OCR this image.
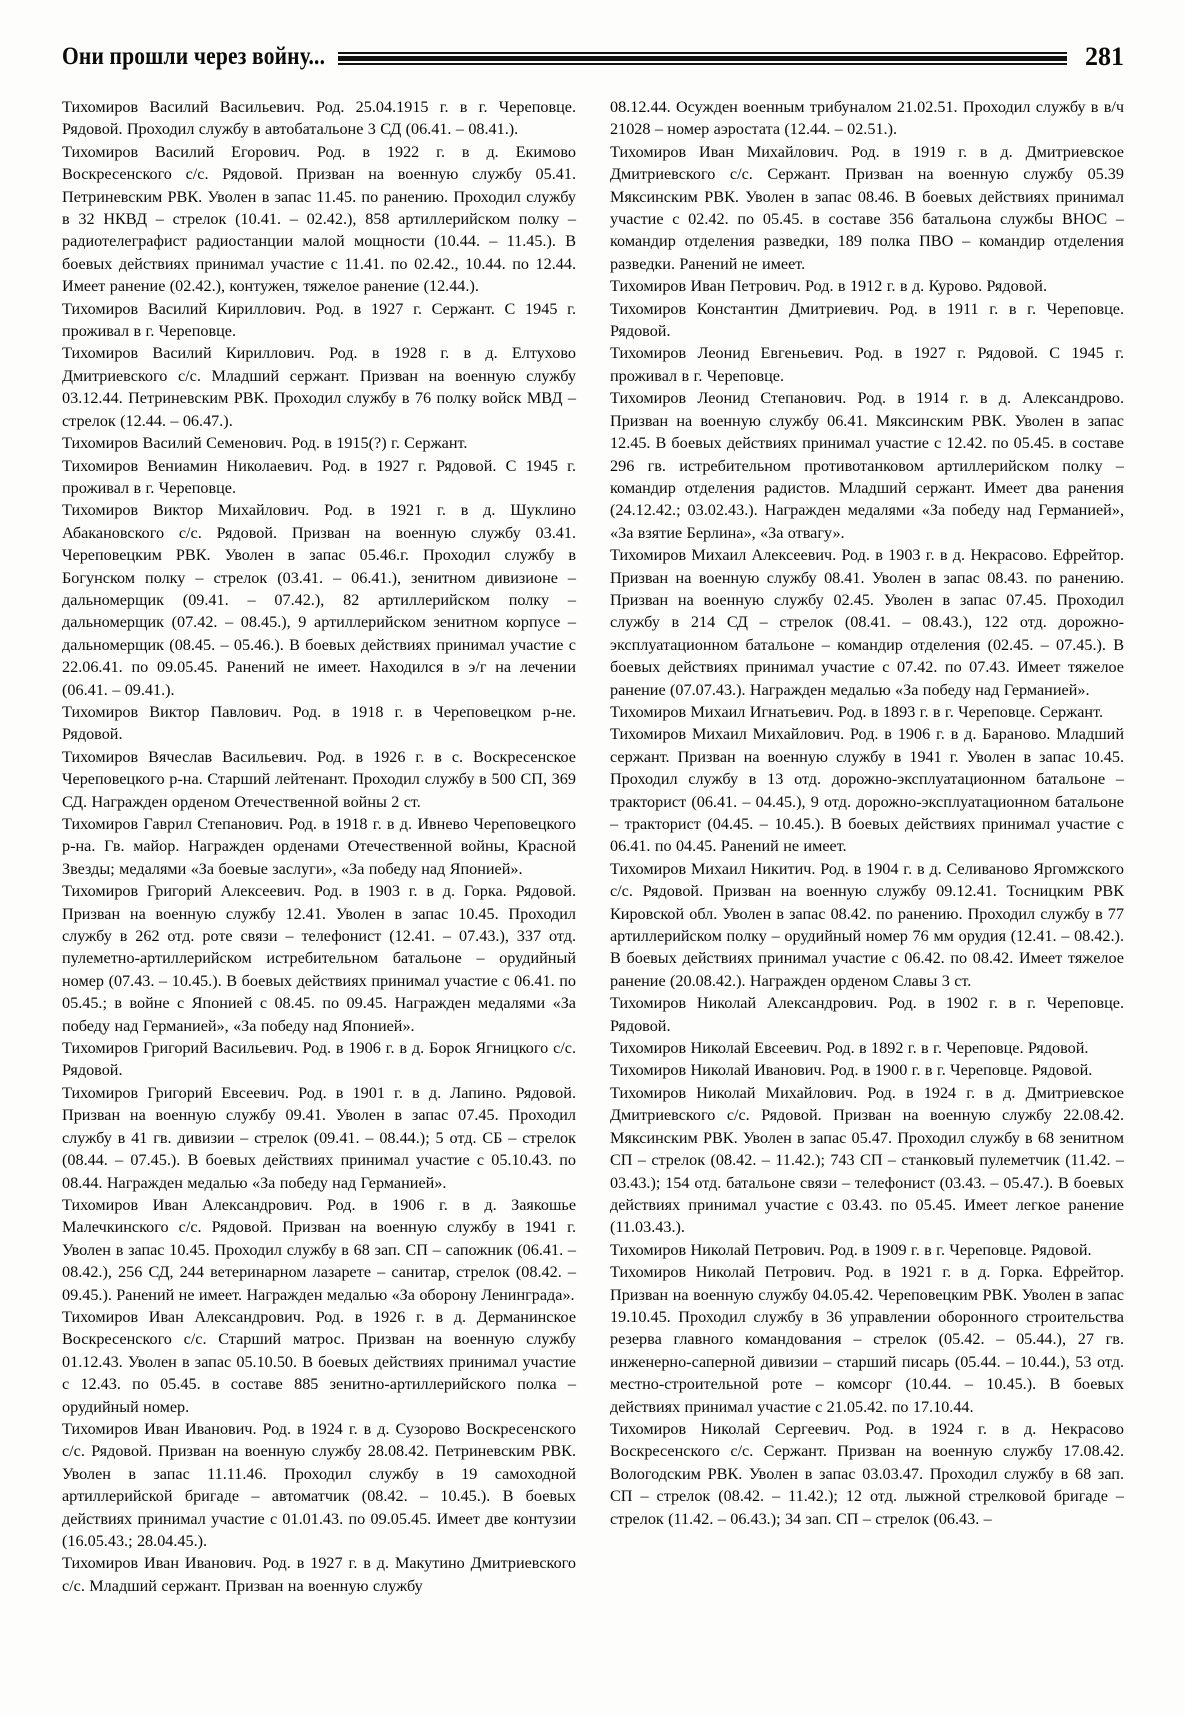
Они прошли через войну...	281

Тихомиров Василий Васильевич. Род. 25.04.1915 г. в г. Череповце. Рядовой. Проходил службу в автобатальоне 3 СД (06.41. – 08.41.).

Тихомиров Василий Егорович. Род. в 1922 г. в д. Екимово Воскресенского с/с. Рядовой. Призван на военную службу 05.41. Петриневским РВК. Уволен в запас 11.45. по ранению. Проходил службу в 32 НКВД – стрелок (10.41. – 02.42.), 858 артиллерийском полку – радиотелеграфист радиостанции малой мощности (10.44. – 11.45.). В боевых действиях принимал участие с 11.41. по 02.42., 10.44. по 12.44. Имеет ранение (02.42.), контужен, тяжелое ранение (12.44.).

Тихомиров Василий Кириллович. Род. в 1927 г. Сержант. С 1945 г. проживал в г. Череповце.

Тихомиров Василий Кириллович. Род. в 1928 г. в д. Елтухово Дмитриевского с/с. Младший сержант. Призван на военную службу 03.12.44. Петриневским РВК. Проходил службу в 76 полку войск МВД – стрелок (12.44. – 06.47.).

Тихомиров Василий Семенович. Род. в 1915(?) г. Сержант.

Тихомиров Вениамин Николаевич. Род. в 1927 г. Рядовой. С 1945 г. проживал в г. Череповце.

Тихомиров Виктор Михайлович. Род. в 1921 г. в д. Шуклино Абакановского с/с. Рядовой. Призван на военную службу 03.41. Череповецким РВК. Уволен в запас 05.46.г. Проходил службу в Богунском полку – стрелок (03.41. – 06.41.), зенитном дивизионе – дальномерщик (09.41. – 07.42.), 82 артиллерийском полку – дальномерщик (07.42. – 08.45.), 9 артиллерийском зенитном корпусе – дальномерщик (08.45. – 05.46.). В боевых действиях принимал участие с 22.06.41. по 09.05.45. Ранений не имеет. Находился в э/г на лечении (06.41. – 09.41.).

Тихомиров Виктор Павлович. Род. в 1918 г. в Череповецком р-не. Рядовой.

Тихомиров Вячеслав Васильевич. Род. в 1926 г. в с. Воскресенское Череповецкого р-на. Старший лейтенант. Проходил службу в 500 СП, 369 СД. Награжден орденом Отечественной войны 2 ст.

Тихомиров Гаврил Степанович. Род. в 1918 г. в д. Ивнево Череповецкого р-на. Гв. майор. Награжден орденами Отечественной войны, Красной Звезды; медалями «За боевые заслуги», «За победу над Японией».

Тихомиров Григорий Алексеевич. Род. в 1903 г. в д. Горка. Рядовой. Призван на военную службу 12.41. Уволен в запас 10.45. Проходил службу в 262 отд. роте связи – телефонист (12.41. – 07.43.), 337 отд. пулеметно-артиллерийском истребительном батальоне – орудийный номер (07.43. – 10.45.). В боевых действиях принимал участие с 06.41. по 05.45.; в войне с Японией с 08.45. по 09.45. Награжден медалями «За победу над Германией», «За победу над Японией».

Тихомиров Григорий Васильевич. Род. в 1906 г. в д. Борок Ягницкого с/с. Рядовой.

Тихомиров Григорий Евсеевич. Род. в 1901 г. в д. Лапино. Рядовой. Призван на военную службу 09.41. Уволен в запас 07.45. Проходил службу в 41 гв. дивизии – стрелок (09.41. – 08.44.); 5 отд. СБ – стрелок (08.44. – 07.45.). В боевых действиях принимал участие с 05.10.43. по 08.44. Награжден медалью «За победу над Германией».

Тихомиров Иван Александрович. Род. в 1906 г. в д. Заякошье Малечкинского с/с. Рядовой. Призван на военную службу в 1941 г. Уволен в запас 10.45. Проходил службу в 68 зап. СП – сапожник (06.41. – 08.42.), 256 СД, 244 ветеринарном лазарете – санитар, стрелок (08.42. – 09.45.). Ранений не имеет. Награжден медалью «За оборону Ленинграда».

Тихомиров Иван Александрович. Род. в 1926 г. в д. Дерманинское Воскресенского с/с. Старший матрос. Призван на военную службу 01.12.43. Уволен в запас 05.10.50. В боевых действиях принимал участие с 12.43. по 05.45. в составе 885 зенитно-артиллерийского полка – орудийный номер.

Тихомиров Иван Иванович. Род. в 1924 г. в д. Сузорово Воскресенского с/с. Рядовой. Призван на военную службу 28.08.42. Петриневским РВК. Уволен в запас 11.11.46. Проходил службу в 19 самоходной артиллерийской бригаде – автоматчик (08.42. – 10.45.). В боевых действиях принимал участие с 01.01.43. по 09.05.45. Имеет две контузии (16.05.43.; 28.04.45.).

Тихомиров Иван Иванович. Род. в 1927 г. в д. Макутино Дмитриевского с/с. Младший сержант. Призван на военную службу

08.12.44. Осужден военным трибуналом 21.02.51. Проходил службу в в/ч 21028 – номер аэростата (12.44. – 02.51.).

Тихомиров Иван Михайлович. Род. в 1919 г. в д. Дмитриевское Дмитриевского с/с. Сержант. Призван на военную службу 05.39 Мяксинским РВК. Уволен в запас 08.46. В боевых действиях принимал участие с 02.42. по 05.45. в составе 356 батальона службы ВНОС – командир отделения разведки, 189 полка ПВО – командир отделения разведки. Ранений не имеет.

Тихомиров Иван Петрович. Род. в 1912 г. в д. Курово. Рядовой.

Тихомиров Константин Дмитриевич. Род. в 1911 г. в г. Череповце. Рядовой.

Тихомиров Леонид Евгеньевич. Род. в 1927 г. Рядовой. С 1945 г. проживал в г. Череповце.

Тихомиров Леонид Степанович. Род. в 1914 г. в д. Александрово. Призван на военную службу 06.41. Мяксинским РВК. Уволен в запас 12.45. В боевых действиях принимал участие с 12.42. по 05.45. в составе 296 гв. истребительном противотанковом артиллерийском полку – командир отделения радистов. Младший сержант. Имеет два ранения (24.12.42.; 03.02.43.). Награжден медалями «За победу над Германией», «За взятие Берлина», «За отвагу».

Тихомиров Михаил Алексеевич. Род. в 1903 г. в д. Некрасово. Ефрейтор. Призван на военную службу 08.41. Уволен в запас 08.43. по ранению. Призван на военную службу 02.45. Уволен в запас 07.45. Проходил службу в 214 СД – стрелок (08.41. – 08.43.), 122 отд. дорожно-эксплуатационном батальоне – командир отделения (02.45. – 07.45.). В боевых действиях принимал участие с 07.42. по 07.43. Имеет тяжелое ранение (07.07.43.). Награжден медалью «За победу над Германией».

Тихомиров Михаил Игнатьевич. Род. в 1893 г. в г. Череповце. Сержант.

Тихомиров Михаил Михайлович. Род. в 1906 г. в д. Бараново. Младший сержант. Призван на военную службу в 1941 г. Уволен в запас 10.45. Проходил службу в 13 отд. дорожно-эксплуатационном батальоне – тракторист (06.41. – 04.45.), 9 отд. дорожно-эксплуатационном батальоне – тракторист (04.45. – 10.45.). В боевых действиях принимал участие с 06.41. по 04.45. Ранений не имеет.

Тихомиров Михаил Никитич. Род. в 1904 г. в д. Селиваново Яргомжского с/с. Рядовой. Призван на военную службу 09.12.41. Тосницким РВК Кировской обл. Уволен в запас 08.42. по ранению. Проходил службу в 77 артиллерийском полку – орудийный номер 76 мм орудия (12.41. – 08.42.). В боевых действиях принимал участие с 06.42. по 08.42. Имеет тяжелое ранение (20.08.42.). Награжден орденом Славы 3 ст.

Тихомиров Николай Александрович. Род. в 1902 г. в г. Череповце. Рядовой.

Тихомиров Николай Евсеевич. Род. в 1892 г. в г. Череповце. Рядовой.

Тихомиров Николай Иванович. Род. в 1900 г. в г. Череповце. Рядовой.

Тихомиров Николай Михайлович. Род. в 1924 г. в д. Дмитриевское Дмитриевского с/с. Рядовой. Призван на военную службу 22.08.42. Мяксинским РВК. Уволен в запас 05.47. Проходил службу в 68 зенитном СП – стрелок (08.42. – 11.42.); 743 СП – станковый пулеметчик (11.42. – 03.43.); 154 отд. батальоне связи – телефонист (03.43. – 05.47.). В боевых действиях принимал участие с 03.43. по 05.45. Имеет легкое ранение (11.03.43.).

Тихомиров Николай Петрович. Род. в 1909 г. в г. Череповце. Рядовой.

Тихомиров Николай Петрович. Род. в 1921 г. в д. Горка. Ефрейтор. Призван на военную службу 04.05.42. Череповецким РВК. Уволен в запас 19.10.45. Проходил службу в 36 управлении оборонного строительства резерва главного командования – стрелок (05.42. – 05.44.), 27 гв. инженерно-саперной дивизии – старший писарь (05.44. – 10.44.), 53 отд. местно-строительной роте – комсорг (10.44. – 10.45.). В боевых действиях принимал участие с 21.05.42. по 17.10.44.

Тихомиров Николай Сергеевич. Род. в 1924 г. в д. Некрасово Воскресенского с/с. Сержант. Призван на военную службу 17.08.42. Вологодским РВК. Уволен в запас 03.03.47. Проходил службу в 68 зап. СП – стрелок (08.42. – 11.42.); 12 отд. лыжной стрелковой бригаде – стрелок (11.42. – 06.43.); 34 зап. СП – стрелок (06.43. –
